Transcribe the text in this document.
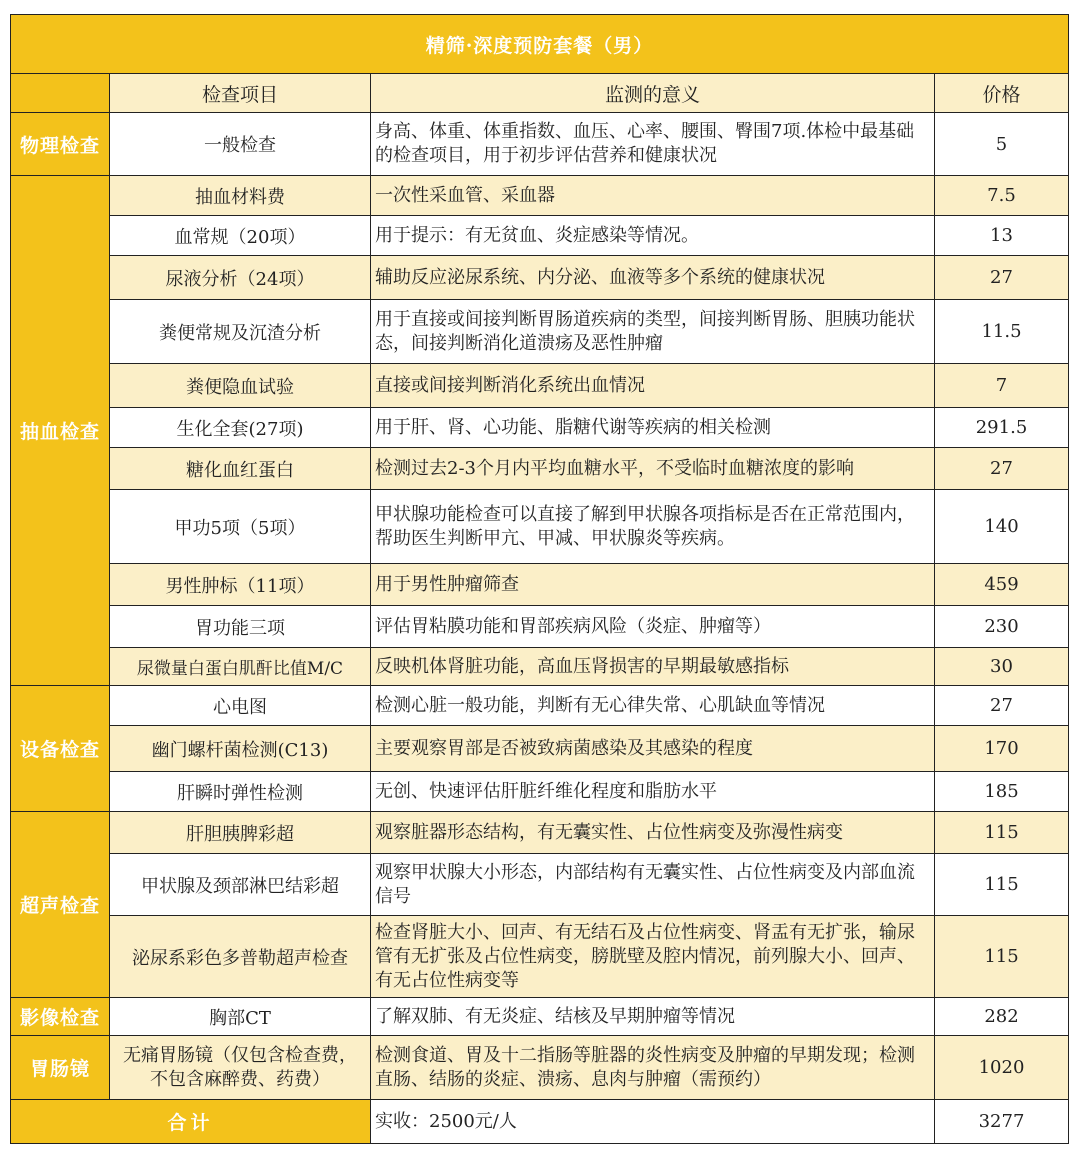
精筛·深度预防套餐（男）			
	检查项目	监测的意义	价格
物理检查	一般检查	身高、体重、体重指数、血压、心率、腰围、臀围7项.体检中最基础的检查项目，用于初步评估营养和健康状况	5
抽血检查	抽血材料费	一次性采血管、采血器	7.5
	血常规（20项）	用于提示：有无贫血、炎症感染等情况。	13
	尿液分析（24项）	辅助反应泌尿系统、内分泌、血液等多个系统的健康状况	27
	粪便常规及沉渣分析	用于直接或间接判断胃肠道疾病的类型，间接判断胃肠、胆胰功能状态，间接判断消化道溃疡及恶性肿瘤	11.5
	粪便隐血试验	直接或间接判断消化系统出血情况	7
	生化全套(27项)	用于肝、肾、心功能、脂糖代谢等疾病的相关检测	291.5
	糖化血红蛋白	检测过去2-3个月内平均血糖水平，不受临时血糖浓度的影响	27
	甲功5项（5项）	甲状腺功能检查可以直接了解到甲状腺各项指标是否在正常范围内，帮助医生判断甲亢、甲减、甲状腺炎等疾病。	140
	男性肿标（11项）	用于男性肿瘤筛查	459
	胃功能三项	评估胃粘膜功能和胃部疾病风险（炎症、肿瘤等）	230
	尿微量白蛋白肌酐比值M/C	反映机体肾脏功能，高血压肾损害的早期最敏感指标	30
设备检查	心电图	检测心脏一般功能，判断有无心律失常、心肌缺血等情况	27
	幽门螺杆菌检测(C13)	主要观察胃部是否被致病菌感染及其感染的程度	170
	肝瞬时弹性检测	无创、快速评估肝脏纤维化程度和脂肪水平	185
超声检查	肝胆胰脾彩超	观察脏器形态结构，有无囊实性、占位性病变及弥漫性病变	115
	甲状腺及颈部淋巴结彩超	观察甲状腺大小形态，内部结构有无囊实性、占位性病变及内部血流信号	115
	泌尿系彩色多普勒超声检查	检查肾脏大小、回声、有无结石及占位性病变、肾盂有无扩张，输尿管有无扩张及占位性病变，膀胱壁及腔内情况，前列腺大小、回声、有无占位性病变等	115
影像检查	胸部CT	了解双肺、有无炎症、结核及早期肿瘤等情况	282
胃肠镜	无痛胃肠镜（仅包含检查费，不包含麻醉费、药费）	检测食道、胃及十二指肠等脏器的炎性病变及肿瘤的早期发现；检测直肠、结肠的炎症、溃疡、息肉与肿瘤（需预约）	1020
合计		实收：2500元/人	3277
